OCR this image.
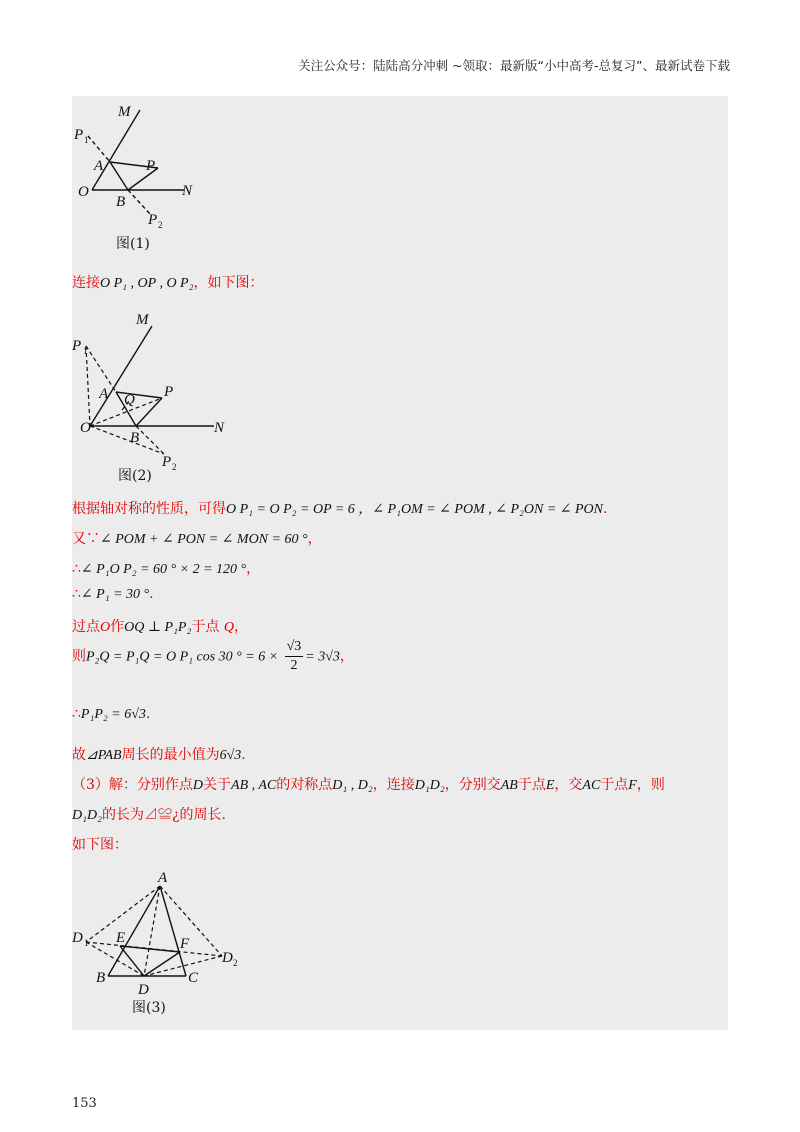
关注公众号：陆陆高分冲刺 ~领取：最新版“小中高考-总复习”、最新试卷下载
M
P 1
A	P
O
B
N
P 2
图(1)
连接O P₁ , OP , O P₂，如下图：
M
P 1
A Q P
O
B
N
P 2
图(2)
根据轴对称的性质，可得O P₁ = O P₂ = OP = 6 ，∠ P₁OM = ∠ POM , ∠ P₂ON = ∠ PON.
又∵∠ POM + ∠ PON = ∠ MON = 60 °，
∴∠ P₁O P₂ = 60 ° × 2 = 120 °，
∴∠ P₁ = 30 °.
过点O作OQ ⊥ P₁P₂于点 Q，
则P₂Q = P₁Q = O P₁ cos 30 ° = $6 \times \frac{√3}{2} = 3√3$，
∴P₁P₂ = 6√3.
故⊿PAB周长的最小值为6√3.
（3）解：分别作点D关于AB , AC的对称点D₁ , D₂，连接D₁D₂，分别交AB于点E，交AC于点F，则
D₁D₂的长为⊿≌¿的周长.
如下图：
A
D 1 E	F
D 2
B
D
C
图(3)
153
